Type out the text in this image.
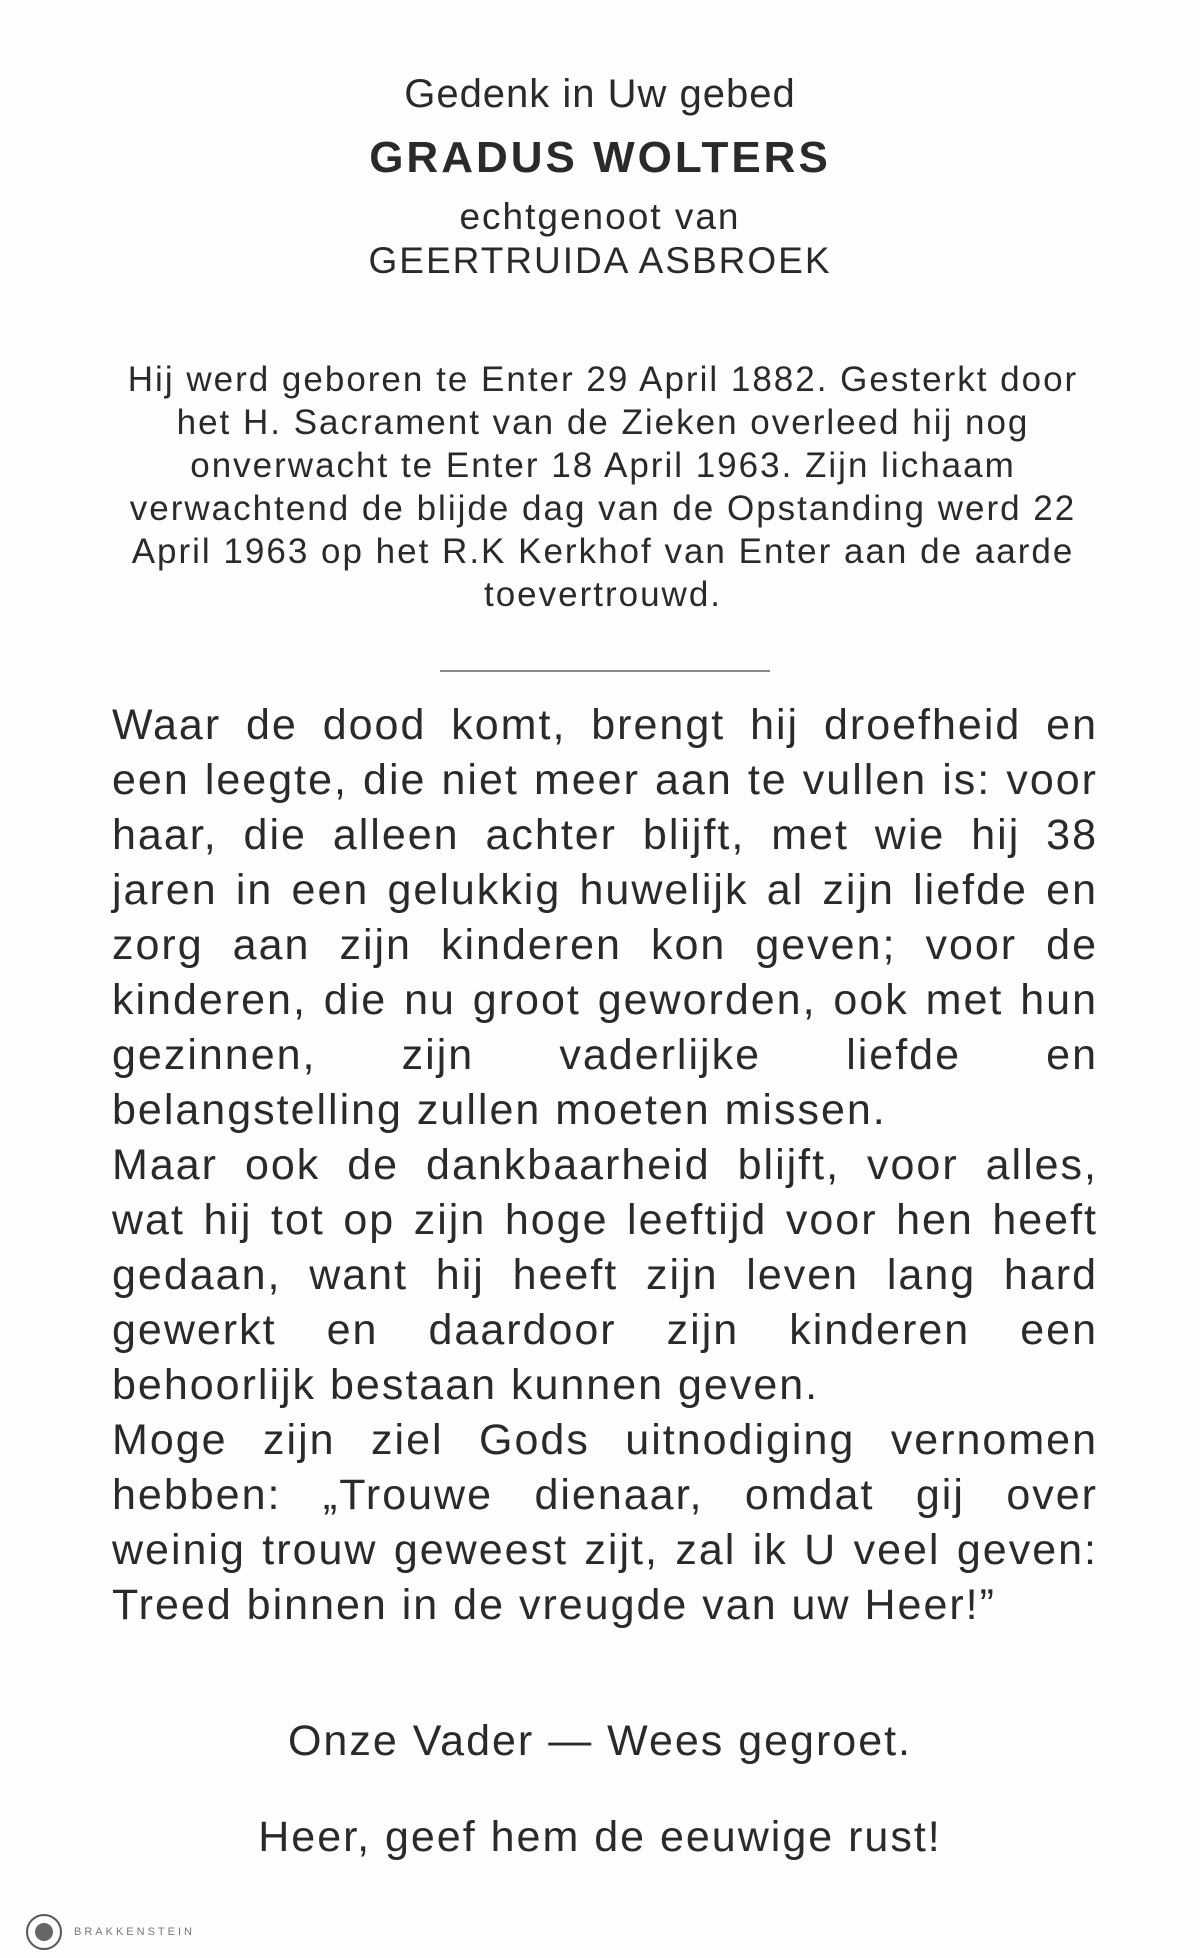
Gedenk in Uw gebed
GRADUS WOLTERS
echtgenoot van
GEERTRUIDA ASBROEK
Hij werd geboren te Enter 29 April 1882. Gesterkt door het H. Sacrament van de Zieken overleed hij nog onverwacht te Enter 18 April 1963. Zijn lichaam verwachtend de blijde dag van de Opstanding werd 22 April 1963 op het R.K Kerkhof van Enter aan de aarde toevertrouwd.

Waar de dood komt, brengt hij droefheid en een leegte, die niet meer aan te vullen is: voor haar, die alleen achter blijft, met wie hij 38 jaren in een gelukkig huwelijk al zijn liefde en zorg aan zijn kinderen kon geven; voor de kinderen, die nu groot geworden, ook met hun gezinnen, zijn vaderlijke liefde en belangstelling zullen moeten missen.

Maar ook de dankbaarheid blijft, voor alles, wat hij tot op zijn hoge leeftijd voor hen heeft gedaan, want hij heeft zijn leven lang hard gewerkt en daardoor zijn kinderen een behoorlijk bestaan kunnen geven.

Moge zijn ziel Gods uitnodiging vernomen hebben: „Trouwe dienaar, omdat gij over weinig trouw geweest zijt, zal ik U veel geven: Treed binnen in de vreugde van uw Heer!”

Onze Vader — Wees gegroet.
Heer, geef hem de eeuwige rust!
BRAKKENSTEIN
